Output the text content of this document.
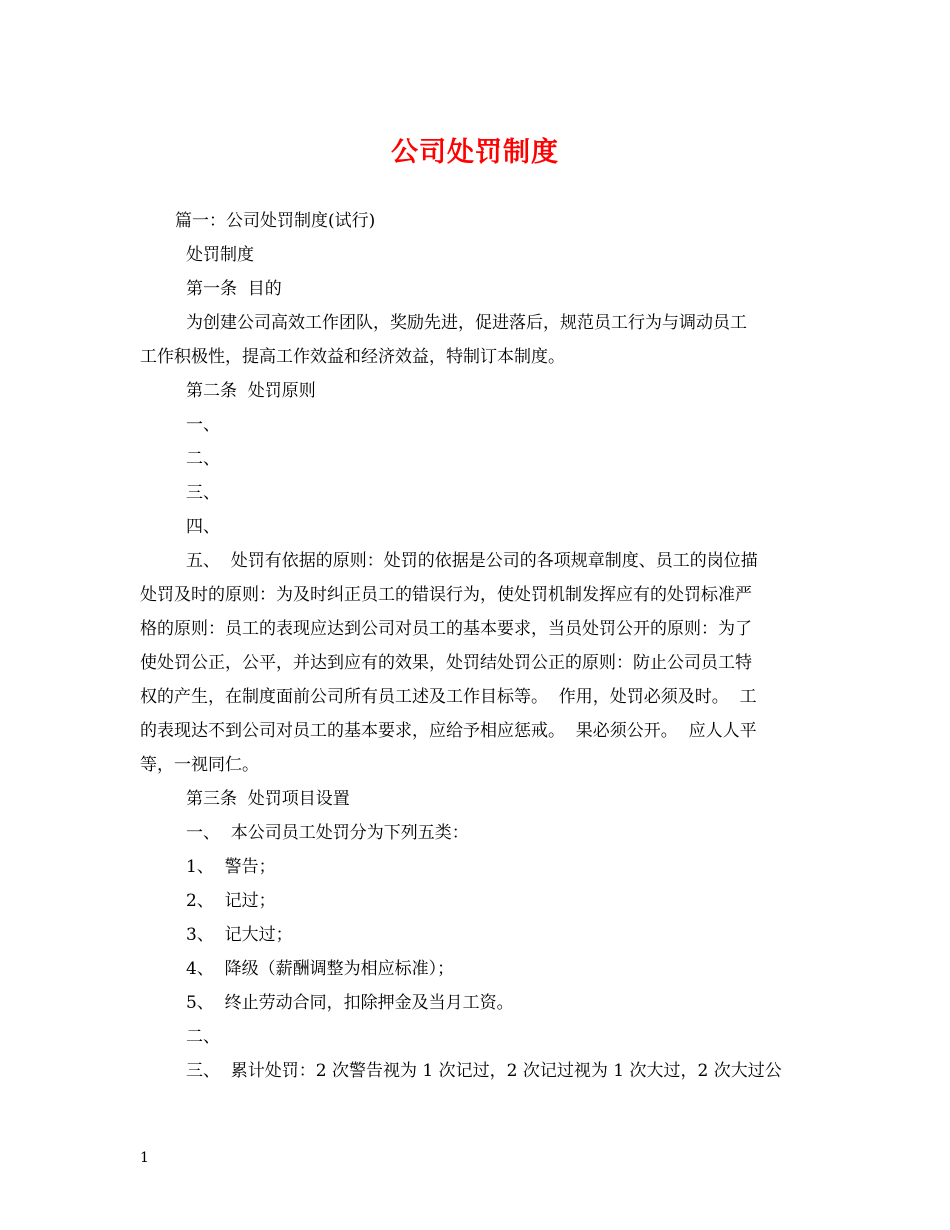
公司处罚制度
篇一：公司处罚制度(试行)
处罚制度
第一条  目的
为创建公司高效工作团队，奖励先进，促进落后，规范员工行为与调动员工
工作积极性，提高工作效益和经济效益，特制订本制度。
第二条  处罚原则
一、
二、
三、
四、
五、  处罚有依据的原则：处罚的依据是公司的各项规章制度、员工的岗位描
处罚及时的原则：为及时纠正员工的错误行为，使处罚机制发挥应有的处罚标准严
格的原则：员工的表现应达到公司对员工的基本要求，当员处罚公开的原则：为了
使处罚公正，公平，并达到应有的效果，处罚结处罚公正的原则：防止公司员工特
权的产生，在制度面前公司所有员工述及工作目标等。  作用，处罚必须及时。  工
的表现达不到公司对员工的基本要求，应给予相应惩戒。  果必须公开。  应人人平
等，一视同仁。
第三条  处罚项目设置
一、  本公司员工处罚分为下列五类：
1、  警告；
2、  记过；
3、  记大过；
4、  降级（薪酬调整为相应标准）；
5、  终止劳动合同，扣除押金及当月工资。
二、
三、  累计处罚：2 次警告视为 1 次记过，2 次记过视为 1 次大过，2 次大过公
1
